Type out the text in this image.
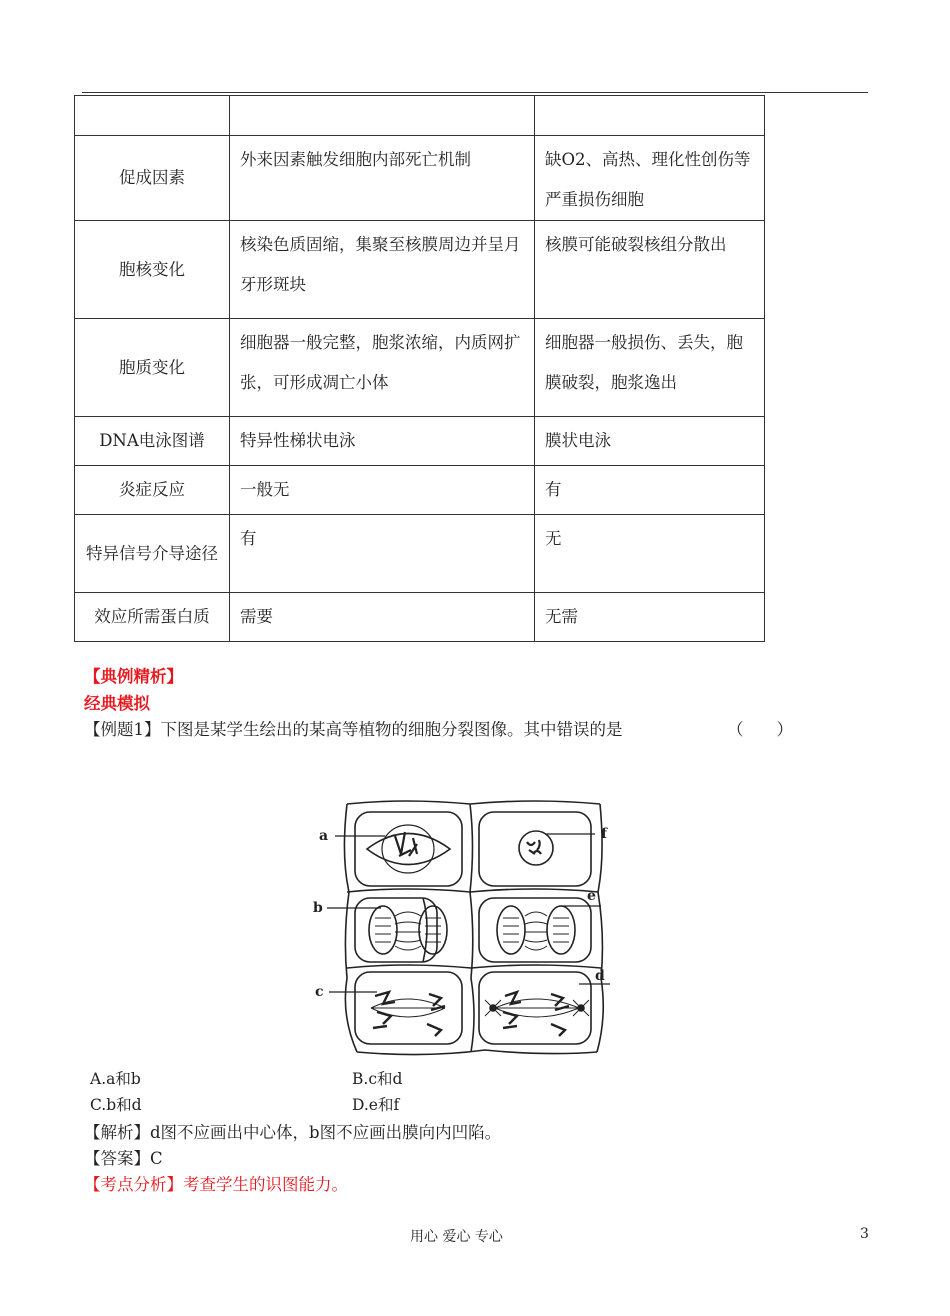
促成因素	外来因素触发细胞内部死亡机制	缺O2、高热、理化性创伤等严重损伤细胞
胞核变化	核染色质固缩，集聚至核膜周边并呈月牙形斑块	核膜可能破裂核组分散出
胞质变化	细胞器一般完整，胞浆浓缩，内质网扩张，可形成凋亡小体	细胞器一般损伤、丢失，胞膜破裂，胞浆逸出
DNA电泳图谱	特异性梯状电泳	膜状电泳
炎症反应	一般无	有
特异信号介导途径	有	无
效应所需蛋白质	需要	无需
【典例精析】
经典模拟
【例题1】下图是某学生绘出的某高等植物的细胞分裂图像。其中错误的是	（　　）
a	f
b
e
c
d
A.a和b	B.c和d
C.b和d	D.e和f
【解析】d图不应画出中心体，b图不应画出膜向内凹陷。
【答案】C
【考点分析】考查学生的识图能力。
用心 爱心 专心	3
